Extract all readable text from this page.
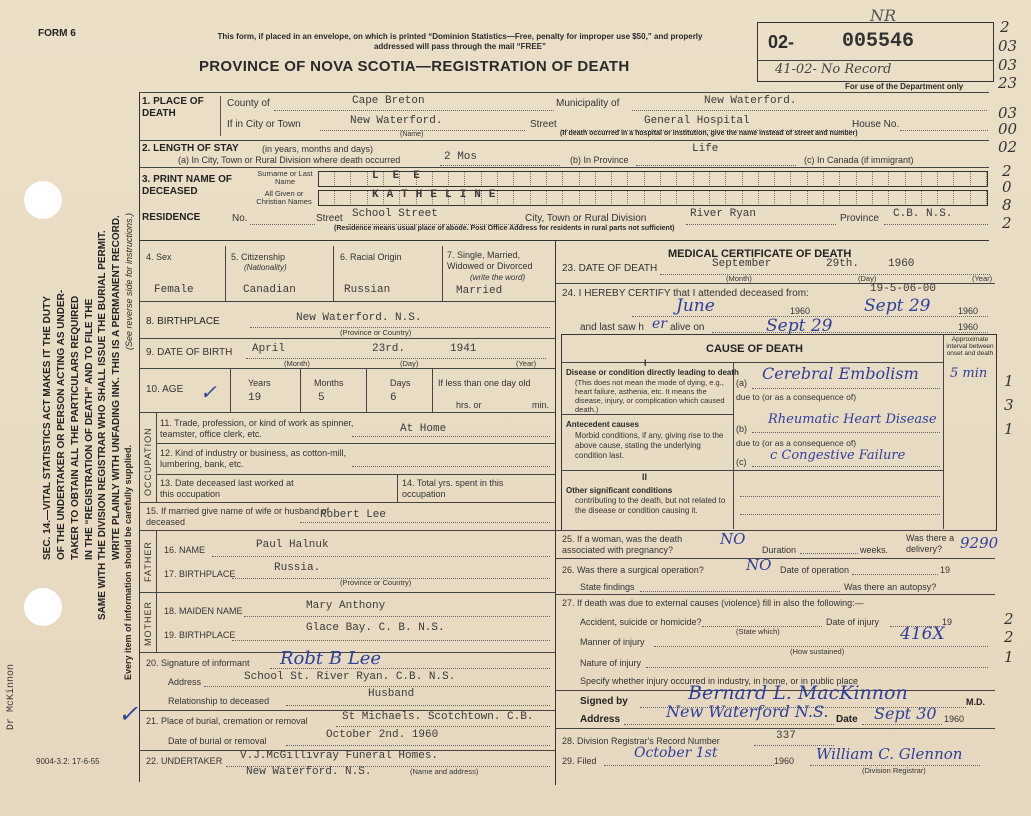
FORM 6	This form, if placed in an envelope, on which is printed “Dominion Statistics—Free, penalty for improper use $50,” and properly addressed will pass through the mail “FREE”
PROVINCE OF NOVA SCOTIA—REGISTRATION OF DEATH
NR
02- 005546
41-02- No Record
For use of the Department only
2
03
03
23
03
00
02
2
0
8
2
1
3
1
2
2
1
SEC. 14.—VITAL STATISTICS ACT MAKES IT THE DUTY OF THE UNDERTAKER OR PERSON ACTING AS UNDER- TAKER TO OBTAIN ALL THE PARTICULARS REQUIRED IN THE “REGISTRATION OF DEATH” AND TO FILE THE SAME WITH THE DIVISION REGISTRAR WHO SHALL ISSUE THE BURIAL PERMIT. WRITE PLAINLY WITH UNFADING INK. THIS IS A PERMANENT RECORD.
Every item of information should be carefully supplied.
(See reverse side for instructions.)
Dr McKinnon
9004-3.2: 17-6-55
✓
1. PLACE OF DEATH
County of	Cape Breton	Municipality of	New Waterford.
If in City or Town	New Waterford.
(Name)
Street	General Hospital	House No.
(If death occurred in a hospital or institution, give the name instead of street and number)
2. LENGTH OF STAY	(in years, months and days)
(a) In City, Town or Rural Division where death occurred	2 Mos	(b) In Province
Life
(c) In Canada (if immigrant)
3. PRINT NAME OF DECEASED
Surname or Last Name
All Given or Christian Names
LEE
KATHELINE
RESIDENCE	No.	Street School Street	City, Town or Rural Division	River Ryan	Province C.B. N.S.
(Residence means usual place of abode. Post Office Address for residents in rural parts not sufficient)
4. Sex
Female
5. Citizenship
(Nationality)
Canadian
6. Racial Origin
Russian
7. Single, Married, Widowed or Divorced
(write the word)
Married
8. BIRTHPLACE	New Waterford. N.S.
(Province or Country)
9. DATE OF BIRTH April	23rd.	1941
(Month)	(Day)	(Year)
10. AGE ✓	Years
19
Months
5
Days
6
If less than one day old
hrs. or	min.
OCCUPATION
11. Trade, profession, or kind of work as spinner, teamster, office clerk, etc.	At Home
12. Kind of industry or business, as cotton-mill, lumbering, bank, etc.
13. Date deceased last worked at this occupation
14. Total yrs. spent in this occupation
15. If married give name of wife or husband of deceased
Robert Lee
FATHER 16. NAME	Paul Halnuk
17. BIRTHPLACE	Russia.
(Province or Country)
MOTHER 18. MAIDEN NAME	Mary Anthony
19. BIRTHPLACE
Glace Bay. C. B. N.S.
20. Signature of informant Robt B Lee
Address	School St. River Ryan. C.B. N.S.
Relationship to deceased
Husband
21. Place of burial, cremation or removal	St Michaels. Scotchtown. C.B.
Date of burial or removal	October 2nd. 1960
22. UNDERTAKER V.J.McGillivray Funeral Homes.
New Waterford. N.S.	(Name and address)
MEDICAL CERTIFICATE OF DEATH
23. DATE OF DEATH	September	29th.	1960
(Month)	(Day)	(Year)
24. I HEREBY CERTIFY that I attended deceased from:	19-5-06-00
June	1960	Sept 29	1960
and last saw h er alive on	Sept 29	1960
CAUSE OF DEATH
Approximate interval between onset and death
I
Disease or condition directly leading to death
(This does not mean the mode of dying, e.g., heart failure, asthenia, etc. It means the disease, injury, or complication which caused death.)
(a) Cerebral Embolism 5 min
due to (or as a consequence of)
Antecedent causes
Morbid conditions, if any, giving rise to the above cause, stating the underlying condition last.
(b)
Rheumatic Heart Disease
due to (or as a consequence of)
(c) c Congestive Failure
II
Other significant conditions
contributing to the death, but not related to the disease or condition causing it.
25. If a woman, was the death associated with pregnancy?
NO
Duration	weeks.
Was there a delivery?	9290
26. Was there a surgical operation?	NO Date of operation	19
State findings	Was there an autopsy?
27. If death was due to external causes (violence) fill in also the following:—
Accident, suicide or homicide?
(State which)
Date of injury	19
Manner of injury	416X
(How sustained)
Nature of injury
Specify whether injury occurred in industry, in home, or in public place
Signed by	Bernard L. MacKinnon	M.D.
Address	New Waterford N.S. Date Sept 30 1960
28. Division Registrar's Record Number	337
29. Filed	October 1st	1960 William C. Glennon
(Division Registrar)
